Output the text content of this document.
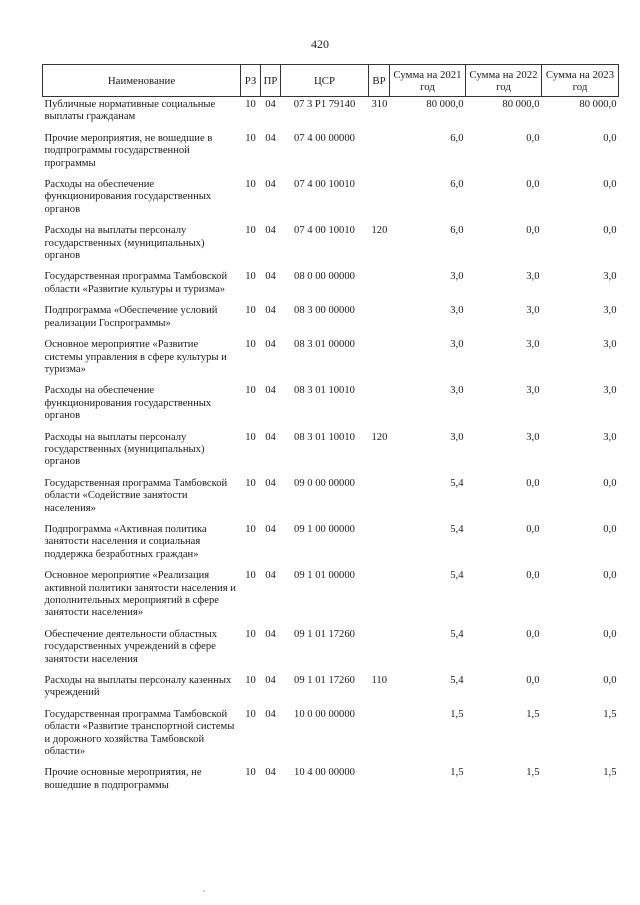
420
Наименование	РЗ	ПР	ЦСР	ВР	Сумма на 2021 год	Сумма на 2022 год	Сумма на 2023 год
Публичные нормативные социальные выплаты гражданам	10	04	07 3 Р1 79140	310	80 000,0	80 000,0	80 000,0
Прочие мероприятия, не вошедшие в подпрограммы государственной программы	10	04	07 4 00 00000		6,0	0,0	0,0
Расходы на обеспечение функционирования государственных органов	10	04	07 4 00 10010		6,0	0,0	0,0
Расходы на выплаты персоналу государственных (муниципальных) органов	10	04	07 4 00 10010	120	6,0	0,0	0,0
Государственная программа Тамбовской области «Развитие культуры и туризма»	10	04	08 0 00 00000		3,0	3,0	3,0
Подпрограмма «Обеспечение условий реализации Госпрограммы»	10	04	08 3 00 00000		3,0	3,0	3,0
Основное мероприятие «Развитие системы управления в сфере культуры и туризма»	10	04	08 3 01 00000		3,0	3,0	3,0
Расходы на обеспечение функционирования государственных органов	10	04	08 3 01 10010		3,0	3,0	3,0
Расходы на выплаты персоналу государственных (муниципальных) органов	10	04	08 3 01 10010	120	3,0	3,0	3,0
Государственная программа Тамбовской области «Содействие занятости населения»	10	04	09 0 00 00000		5,4	0,0	0,0
Подпрограмма «Активная политика занятости населения и социальная поддержка безработных граждан»	10	04	09 1 00 00000		5,4	0,0	0,0
Основное мероприятие «Реализация активной политики занятости населения и дополнительных мероприятий в сфере занятости населения»	10	04	09 1 01 00000		5,4	0,0	0,0
Обеспечение деятельности областных государственных учреждений в сфере занятости населения	10	04	09 1 01 17260		5,4	0,0	0,0
Расходы на выплаты персоналу казенных учреждений	10	04	09 1 01 17260	110	5,4	0,0	0,0
Государственная программа Тамбовской области «Развитие транспортной системы и дорожного хозяйства Тамбовской области»	10	04	10 0 00 00000		1,5	1,5	1,5
Прочие основные мероприятия, не вошедшие в подпрограммы	10	04	10 4 00 00000		1,5	1,5	1,5
